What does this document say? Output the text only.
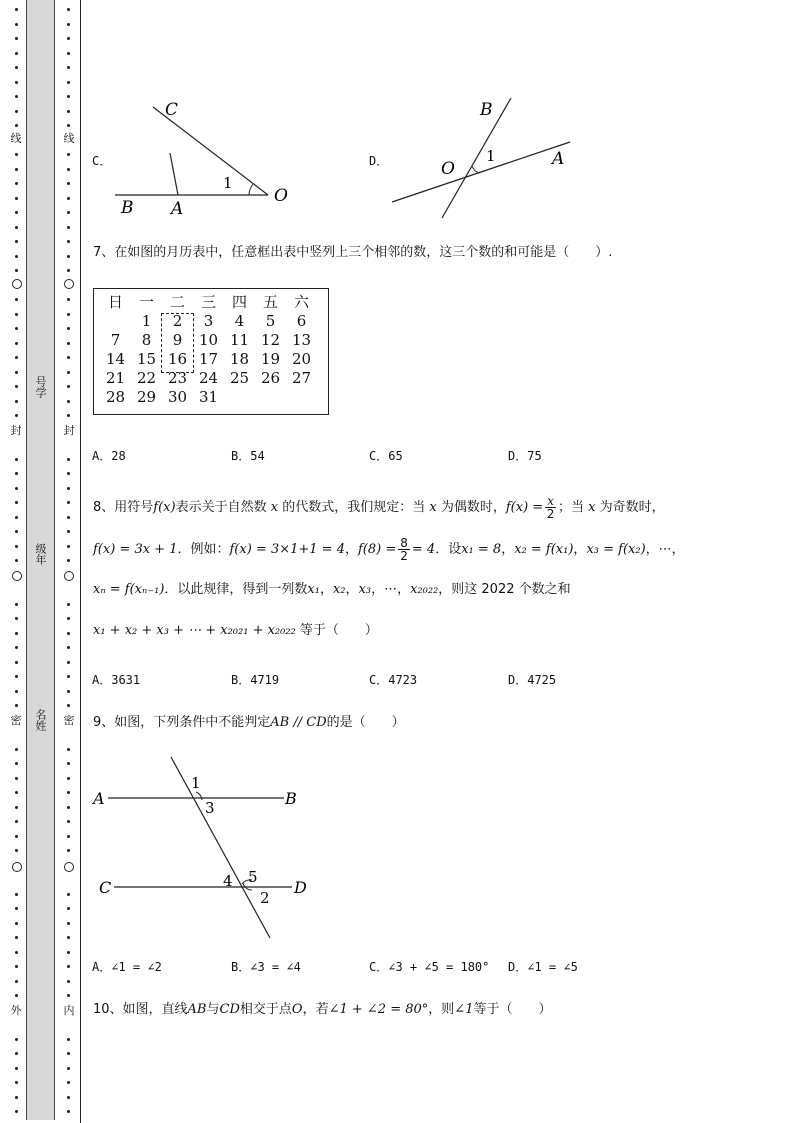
线
封
密
外
线
封
密
内
号学
级年
名姓
C．
C
B A
O
1
D．
B
O	A
1
7、在如图的月历表中，任意框出表中竖列上三个相邻的数，这三个数的和可能是（　　）.
日	一	二	三	四	五	六
	1	2	3	4	5	6
7	8	9	10	11	12	13
14	15	16	17	18	19	20
21	22	23	24	25	26	27
28	29	30	31			
A．28	B．54	C．65	D．75
8、用符号f(x)表示关于自然数 x 的代数式，我们规定：当 x 为偶数时，$f(x) = \frac{x}{2}$ ；当 x 为奇数时，
f(x) = 3x + 1．例如：f(x) = 3×1+1 = 4，$f(8) = \frac{8}{2} = 4$．设x₁ = 8，x₂ = f(x₁)，x₃ = f(x₂)，⋯，
xₙ = f(xₙ₋₁)．以此规律，得到一列数x₁，x₂，x₃，⋯，x₂₀₂₂，则这 2022 个数之和
x₁ + x₂ + x₃ + ⋯ + x₂₀₂₁ + x₂₀₂₂ 等于（　　）
A．3631	B．4719	C．4723	D．4725
9、如图，下列条件中不能判定AB // CD的是（　　）
A	B
C	D
1
3
4 5
2
A．∠1 = ∠2	B．∠3 = ∠4	C．∠3 + ∠5 = 180° D．∠1 = ∠5
10、如图，直线AB与CD相交于点O，若∠1 + ∠2 = 80°，则∠1等于（　　）
